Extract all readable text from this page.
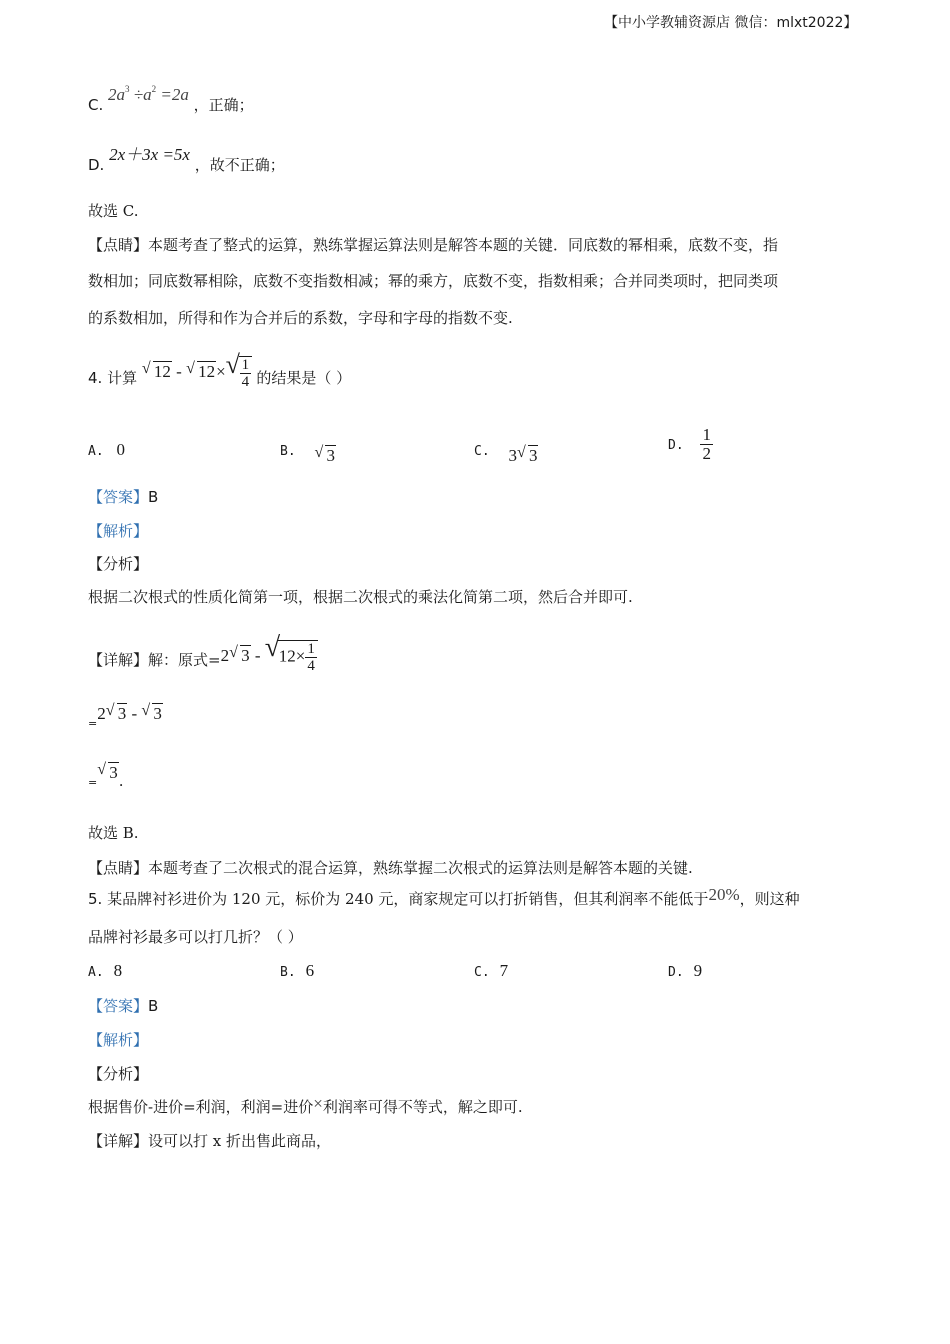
【中小学教辅资源店 微信：mlxt2022】
C. $2a^3 \div a^2 =2a$ ，正确；
D. 2x＋3x =5x ，故不正确；
故选 C.
【点睛】本题考查了整式的运算，熟练掌握运算法则是解答本题的关键．同底数的幂相乘，底数不变，指
数相加；同底数幂相除，底数不变指数相减；幂的乘方，底数不变，指数相乘；合并同类项时，把同类项
的系数相加，所得和作为合并后的系数，字母和字母的指数不变.
4. 计算
√ 12 - √ 12× √ $\frac{1}{4}$ 的结果是（ ）
A. 0	B. √ 3	C. 3 √ 3
D. $\frac{1}{2}$
【答案】B
【解析】
【分析】
根据二次根式的性质化简第一项，根据二次根式的乘法化简第二项，然后合并即可.
【详解】解：原式=2 √ 3 - √
$12\times \frac{1}{4}$
$_=$2 √ 3 - √ 3
$_=$
√ 3.
故选 B.
【点睛】本题考查了二次根式的混合运算，熟练掌握二次根式的运算法则是解答本题的关键.
5. 某品牌衬衫进价为 120 元，标价为 240 元，商家规定可以打折销售，但其利润率不能低于20%，则这种
品牌衬衫最多可以打几折？（ ）
A. 8	B. 6	C. 7	D. 9
【答案】B
【解析】
【分析】
根据售价-进价=利润，利润=进价×利润率可得不等式，解之即可.
【详解】设可以打 x 折出售此商品，
